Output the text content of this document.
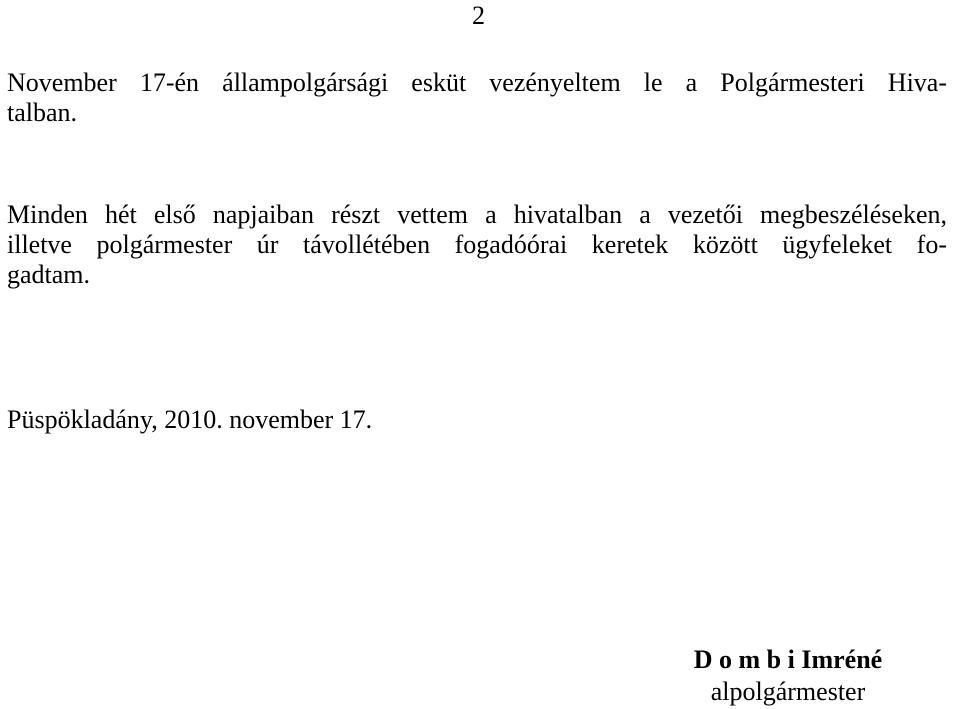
2

November 17-én állampolgársági esküt vezényeltem le a Polgármesteri Hiva-
talban.

Minden hét első napjaiban részt vettem a hivatalban a vezetői megbeszéléseken,
illetve polgármester úr távollétében fogadóórai keretek között ügyfeleket fo-
gadtam.

Püspökladány, 2010. november 17.
D o m b i Imréné
alpolgármester
